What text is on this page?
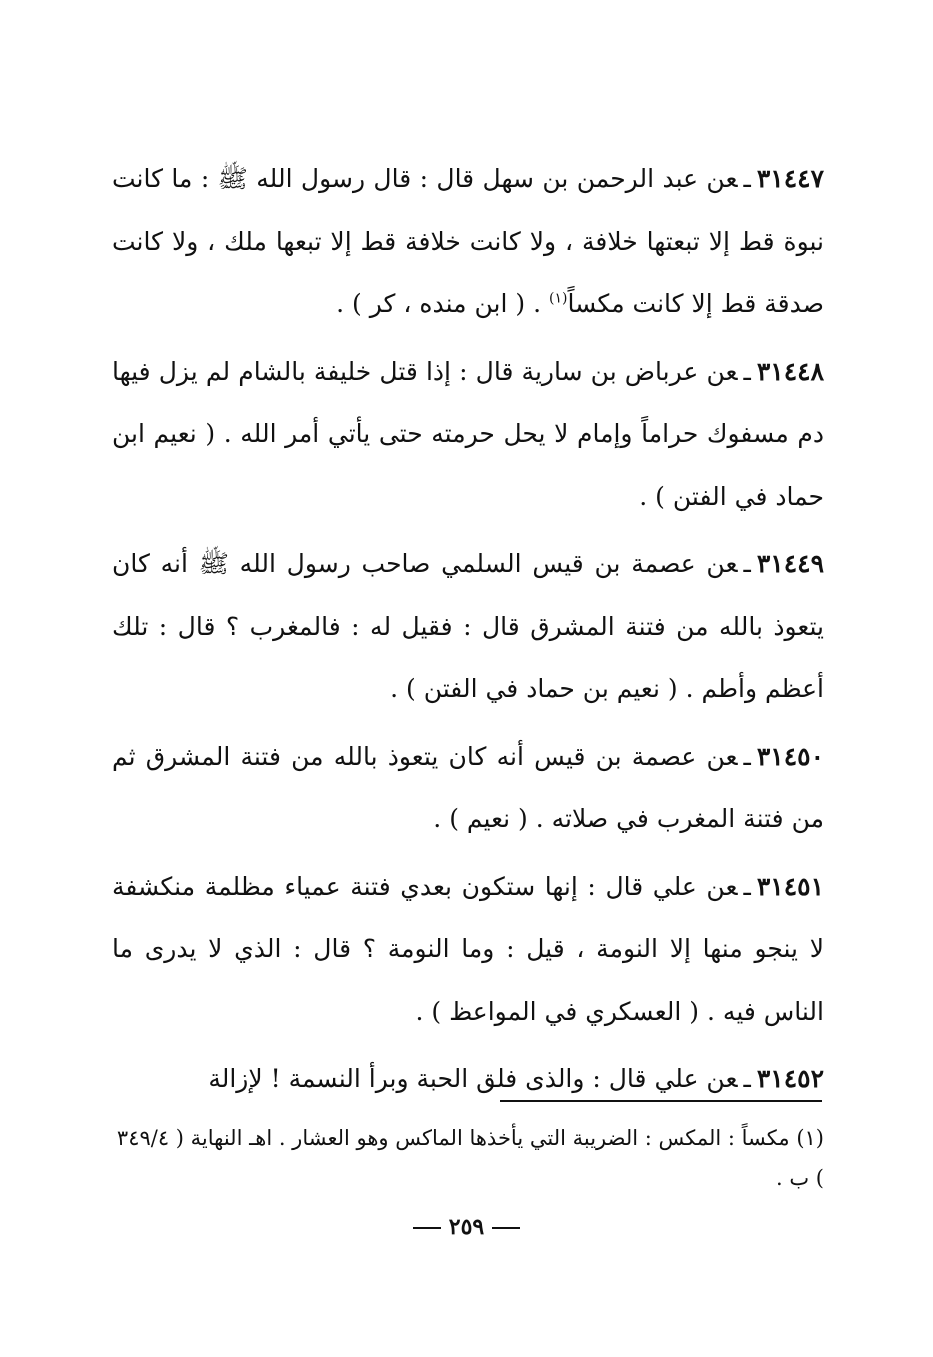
٣١٤٤٧ـعن عبد الرحمن بن سهل قال : قال رسول الله ﷺ : ما كانت نبوة قط إلا تبعتها خلافة ، ولا كانت خلافة قط إلا تبعها ملك ، ولا كانت صدقة قط إلا كانت مكساً$^{(١)}$ . ( ابن منده ، كر ) .

٣١٤٤٨ـعن عرباض بن سارية قال : إذا قتل خليفة بالشام لم يزل فيها دم مسفوك حراماً وإمام لا يحل حرمته حتى يأتي أمر الله . ( نعيم ابن حماد في الفتن ) .

٣١٤٤٩ـعن عصمة بن قيس السلمي صاحب رسول الله ﷺ أنه كان يتعوذ بالله من فتنة المشرق قال : فقيل له : فالمغرب ؟ قال : تلك أعظم وأطم . ( نعيم بن حماد في الفتن ) .

٣١٤٥٠ـعن عصمة بن قيس أنه كان يتعوذ بالله من فتنة المشرق ثم من فتنة المغرب في صلاته . ( نعيم ) .

٣١٤٥١ـعن علي قال : إنها ستكون بعدي فتنة عمياء مظلمة منكشفة لا ينجو منها إلا النومة ، قيل : وما النومة ؟ قال : الذي لا يدرى ما الناس فيه . ( العسكري في المواعظ ) .

٣١٤٥٢ـعن علي قال : والذى فلق الحبة وبرأ النسمة ! لإزالة

(١) مكساً : المكس : الضريبة التي يأخذها الماكس وهو العشار . اهـ النهاية ( ٣٤٩/٤ ) ب .
٢٥٩
